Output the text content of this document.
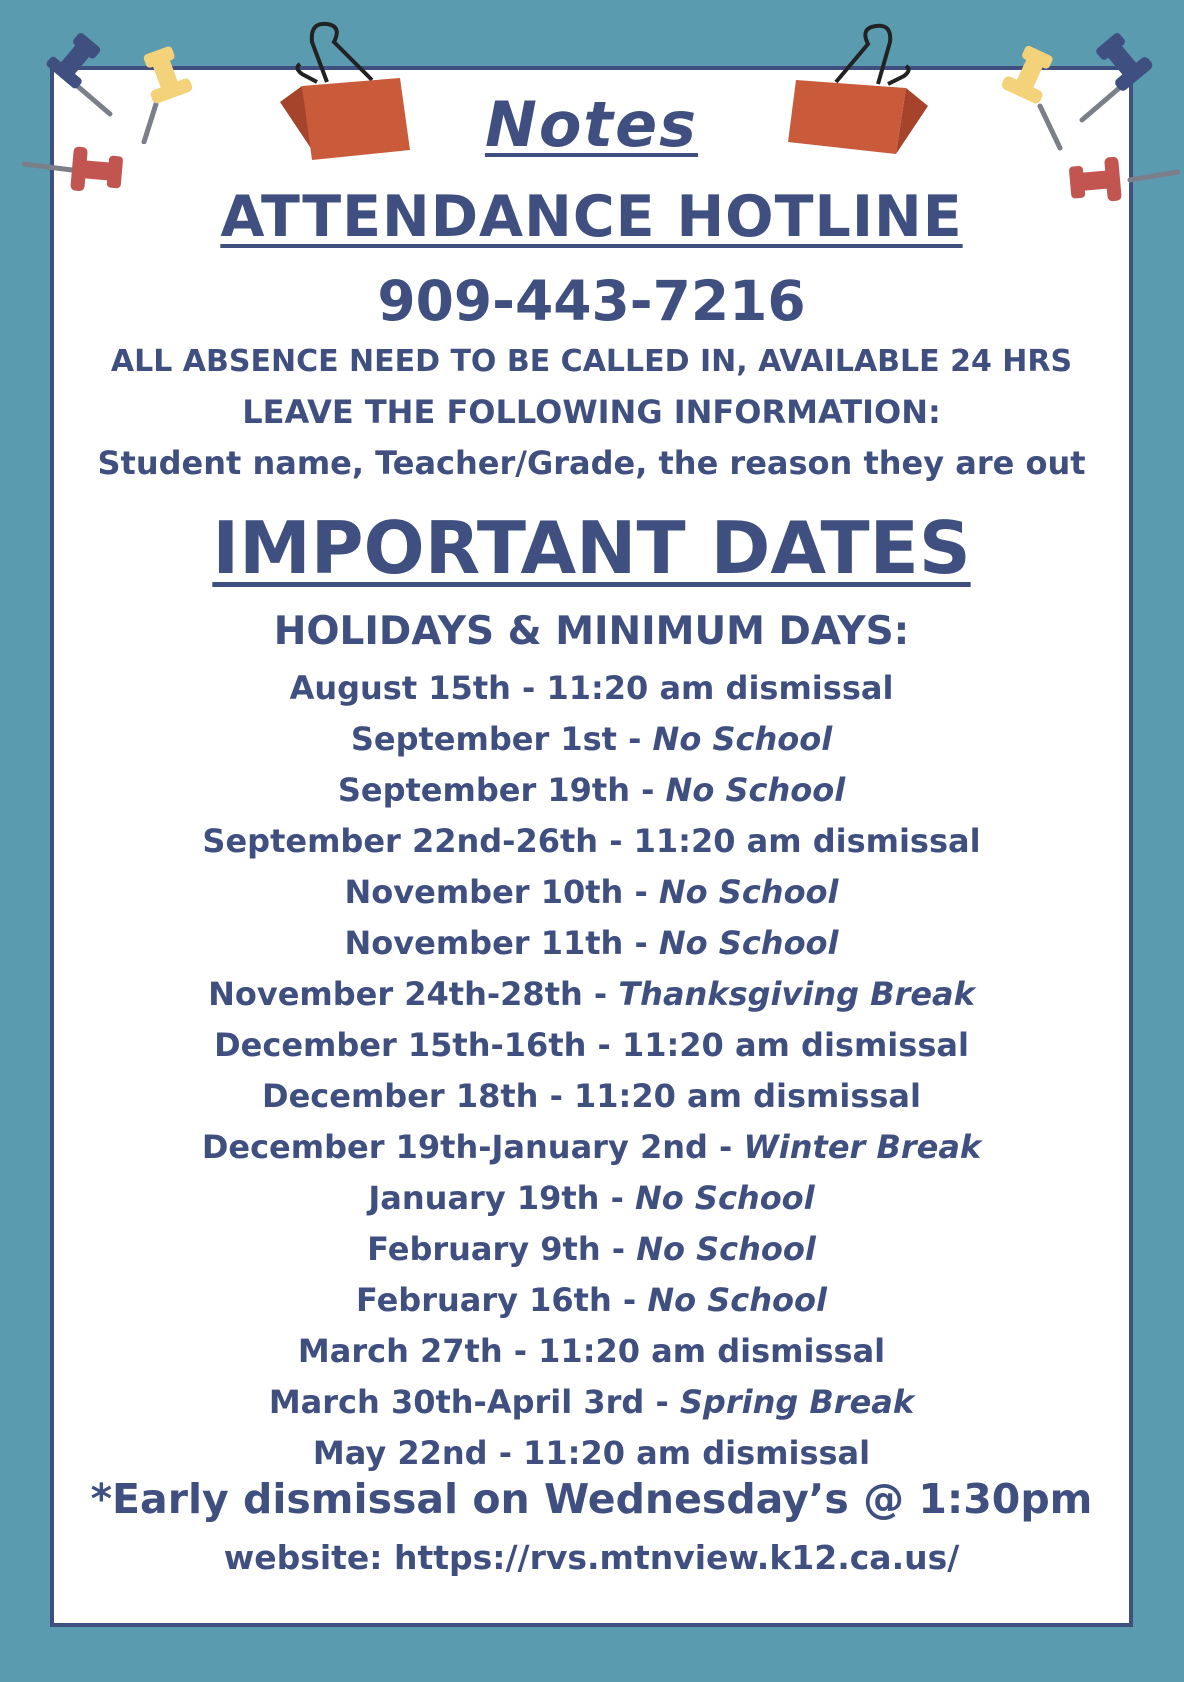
Notes
ATTENDANCE HOTLINE
909-443-7216
ALL ABSENCE NEED TO BE CALLED IN, AVAILABLE 24 HRS
LEAVE THE FOLLOWING INFORMATION:
Student name, Teacher/Grade, the reason they are out
IMPORTANT DATES
HOLIDAYS & MINIMUM DAYS:
August 15th - 11:20 am dismissal
September 1st - No School
September 19th - No School
September 22nd-26th - 11:20 am dismissal
November 10th - No School
November 11th - No School
November 24th-28th - Thanksgiving Break
December 15th-16th - 11:20 am dismissal
December 18th - 11:20 am dismissal
December 19th-January 2nd - Winter Break
January 19th - No School
February 9th - No School
February 16th - No School
March 27th - 11:20 am dismissal
March 30th-April 3rd - Spring Break
May 22nd - 11:20 am dismissal
*Early dismissal on Wednesday’s @ 1:30pm
website: https://rvs.mtnview.k12.ca.us/
